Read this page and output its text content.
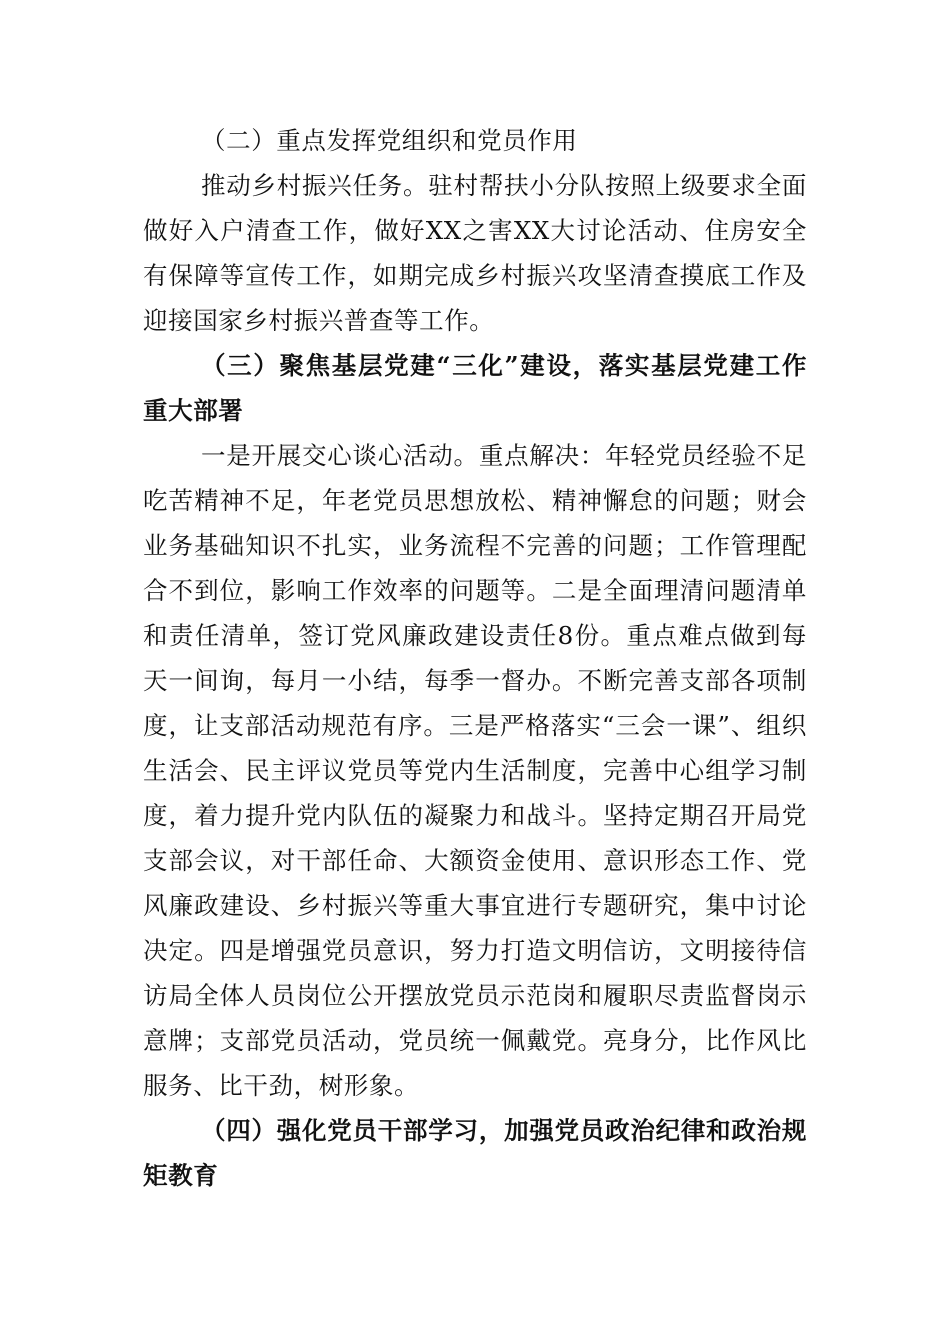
（二）重点发挥党组织和党员作用

推动乡村振兴任务。驻村帮扶小分队按照上级要求全面做好入户清查工作，做好XX之害XX大讨论活动、住房安全有保障等宣传工作，如期完成乡村振兴攻坚清查摸底工作及迎接国家乡村振兴普查等工作。

（三）聚焦基层党建“三化”建设，落实基层党建工作重大部署

一是开展交心谈心活动。重点解决：年轻党员经验不足吃苦精神不足，年老党员思想放松、精神懈怠的问题；财会业务基础知识不扎实，业务流程不完善的问题；工作管理配合不到位，影响工作效率的问题等。二是全面理清问题清单和责任清单，签订党风廉政建设责任8份。重点难点做到每天一间询，每月一小结，每季一督办。不断完善支部各项制度，让支部活动规范有序。三是严格落实“三会一课”、组织生活会、民主评议党员等党内生活制度，完善中心组学习制度，着力提升党内队伍的凝聚力和战斗。坚持定期召开局党支部会议，对干部任命、大额资金使用、意识形态工作、党风廉政建设、乡村振兴等重大事宜进行专题研究，集中讨论决定。四是增强党员意识，努力打造文明信访，文明接待信访局全体人员岗位公开摆放党员示范岗和履职尽责监督岗示意牌；支部党员活动，党员统一佩戴党。亮身分，比作风比服务、比干劲，树形象。

（四）强化党员干部学习，加强党员政治纪律和政治规矩教育
